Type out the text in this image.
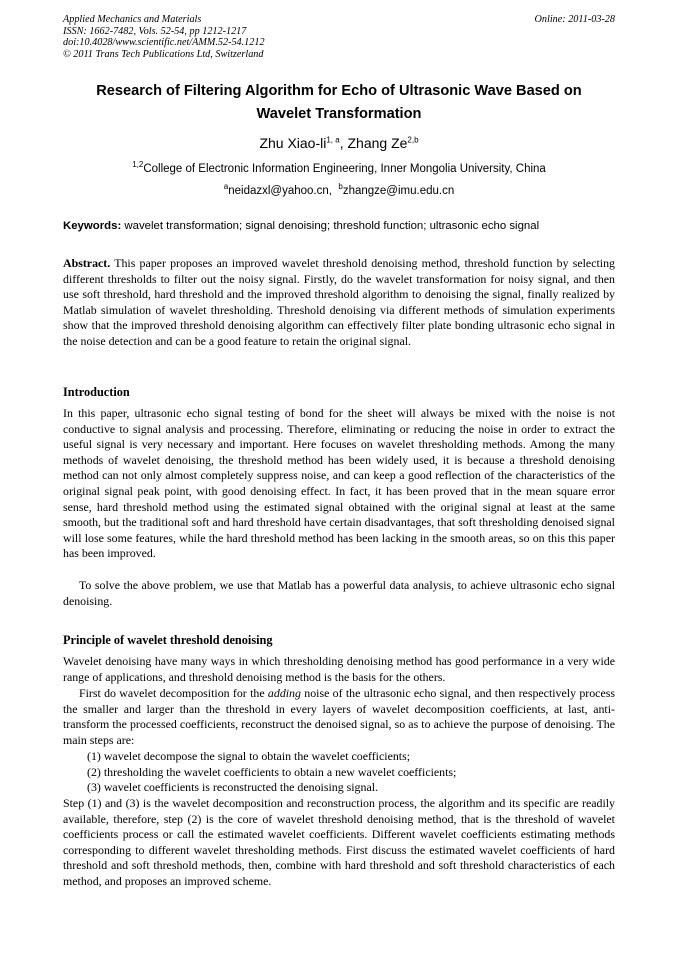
Applied Mechanics and Materials
ISSN: 1662-7482, Vols. 52-54, pp 1212-1217
doi:10.4028/www.scientific.net/AMM.52-54.1212
© 2011 Trans Tech Publications Ltd, Switzerland
Online: 2011-03-28
Research of Filtering Algorithm for Echo of Ultrasonic Wave Based on
Wavelet Transformation
Zhu Xiao-li$^{1, a}$, Zhang Ze$^{2,b}$
$^{1,2}$College of Electronic Information Engineering, Inner Mongolia University, China
$^a$neidazxl@yahoo.cn, $^b$zhangze@imu.edu.cn
Keywords: wavelet transformation; signal denoising; threshold function; ultrasonic echo signal

Abstract. This paper proposes an improved wavelet threshold denoising method, threshold function by selecting different thresholds to filter out the noisy signal. Firstly, do the wavelet transformation for noisy signal, and then use soft threshold, hard threshold and the improved threshold algorithm to denoising the signal, finally realized by Matlab simulation of wavelet thresholding. Threshold denoising via different methods of simulation experiments show that the improved threshold denoising algorithm can effectively filter plate bonding ultrasonic echo signal in the noise detection and can be a good feature to retain the original signal.

Introduction

In this paper, ultrasonic echo signal testing of bond for the sheet will always be mixed with the noise is not conductive to signal analysis and processing. Therefore, eliminating or reducing the noise in order to extract the useful signal is very necessary and important. Here focuses on wavelet thresholding methods. Among the many methods of wavelet denoising, the threshold method has been widely used, it is because a threshold denoising method can not only almost completely suppress noise, and can keep a good reflection of the characteristics of the original signal peak point, with good denoising effect. In fact, it has been proved that in the mean square error sense, hard threshold method using the estimated signal obtained with the original signal at least at the same smooth, but the traditional soft and hard threshold have certain disadvantages, that soft thresholding denoised signal will lose some features, while the hard threshold method has been lacking in the smooth areas, so on this this paper has been improved.

To solve the above problem, we use that Matlab has a powerful data analysis, to achieve ultrasonic echo signal denoising.

Principle of wavelet threshold denoising

Wavelet denoising have many ways in which thresholding denoising method has good performance in a very wide range of applications, and threshold denoising method is the basis for the others.

First do wavelet decomposition for the adding noise of the ultrasonic echo signal, and then respectively process the smaller and larger than the threshold in every layers of wavelet decomposition coefficients, at last, anti-transform the processed coefficients, reconstruct the denoised signal, so as to achieve the purpose of denoising. The main steps are:

(1) wavelet decompose the signal to obtain the wavelet coefficients;
(2) thresholding the wavelet coefficients to obtain a new wavelet coefficients;
(3) wavelet coefficients is reconstructed the denoising signal.

Step (1) and (3) is the wavelet decomposition and reconstruction process, the algorithm and its specific are readily available, therefore, step (2) is the core of wavelet threshold denoising method, that is the threshold of wavelet coefficients process or call the estimated wavelet coefficients. Different wavelet coefficients estimating methods corresponding to different wavelet thresholding methods. First discuss the estimated wavelet coefficients of hard threshold and soft threshold methods, then, combine with hard threshold and soft threshold characteristics of each method, and proposes an improved scheme.
